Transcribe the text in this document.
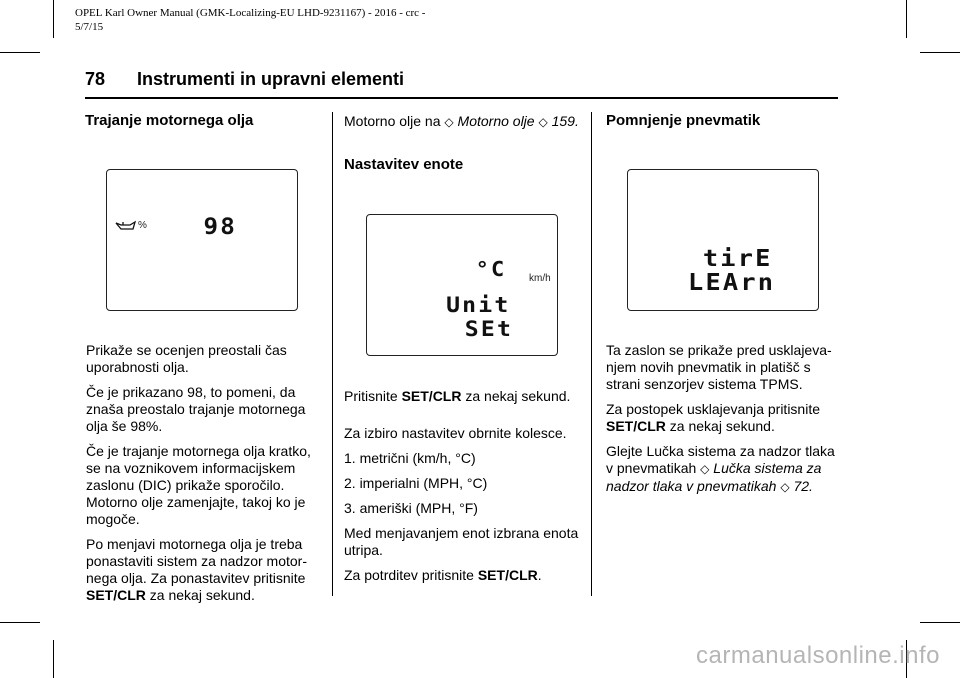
OPEL Karl Owner Manual (GMK-Localizing-EU LHD-9231167) - 2016 - crc -
5/7/15
78 Instrumenti in upravni elementi
Trajanje motornega olja
%	98

Prikaže se ocenjen preostali čas uporabnosti olja.

Če je prikazano 98, to pomeni, da znaša preostalo trajanje motornega olja še 98%.

Če je trajanje motornega olja kratko, se na voznikovem informacijskem zaslonu (DIC) prikaže sporočilo. Motorno olje zamenjajte, takoj ko je mogoče.

Po menjavi motornega olja je treba ponastaviti sistem za nadzor motor-nega olja. Za ponastavitev pritisnite SET/CLR za nekaj sekund.

Motorno olje na ◇ Motorno olje ◇ 159.
Nastavitev enote
°C km/h
Unit
SEt

Pritisnite SET/CLR za nekaj sekund.

Za izbiro nastavitev obrnite kolesce.

1. metrični (km/h, °C)

2. imperialni (MPH, °C)

3. ameriški (MPH, °F)

Med menjavanjem enot izbrana enota utripa.

Za potrditev pritisnite SET/CLR.

Pomnjenje pnevmatik
tirE
LEArn

Ta zaslon se prikaže pred usklajeva-njem novih pnevmatik in platišč s strani senzorjev sistema TPMS.

Za postopek usklajevanja pritisnite SET/CLR za nekaj sekund.

Glejte Lučka sistema za nadzor tlaka v pnevmatikah ◇ Lučka sistema za nadzor tlaka v pnevmatikah ◇ 72.

carmanualsonline.info
